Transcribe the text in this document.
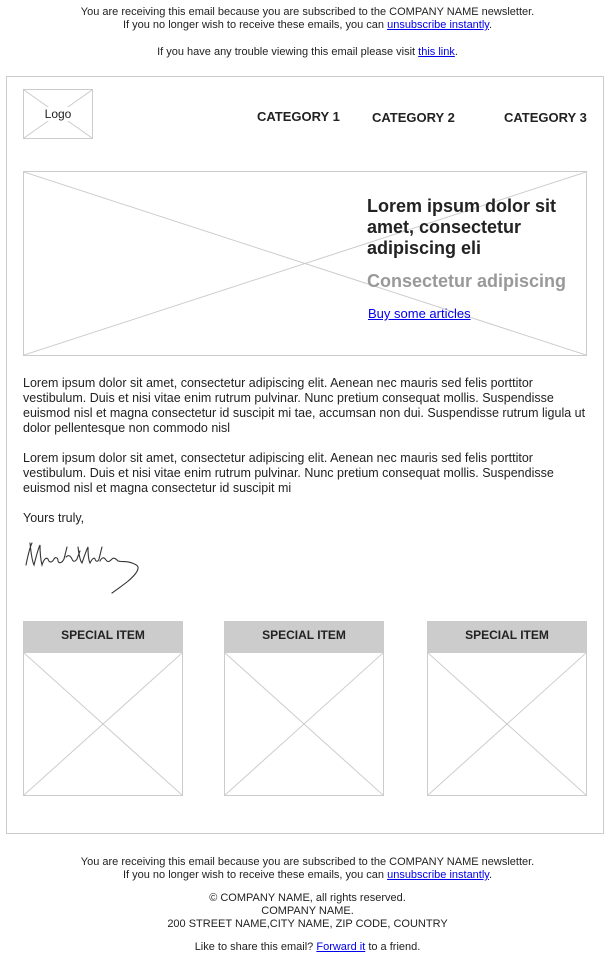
You are receiving this email because you are subscribed to the COMPANY NAME newsletter.
If you no longer wish to receive these emails, you can unsubscribe instantly.
If you have any trouble viewing this email please visit this link.
Logo	CATEGORY 1 CATEGORY 2	CATEGORY 3
Lorem ipsum dolor sit amet, consectetur adipiscing eli
Consectetur adipiscing
Buy some articles
Lorem ipsum dolor sit amet, consectetur adipiscing elit. Aenean nec mauris sed felis porttitor vestibulum. Duis et nisi vitae enim rutrum pulvinar. Nunc pretium consequat mollis. Suspendisse euismod nisl et magna consectetur id suscipit mi tae, accumsan non dui. Suspendisse rutrum ligula ut dolor pellentesque non commodo nisl
Lorem ipsum dolor sit amet, consectetur adipiscing elit. Aenean nec mauris sed felis porttitor vestibulum. Duis et nisi vitae enim rutrum pulvinar. Nunc pretium consequat mollis. Suspendisse euismod nisl et magna consectetur id suscipit mi
Yours truly,
SPECIAL ITEM	SPECIAL ITEM	SPECIAL ITEM
You are receiving this email because you are subscribed to the COMPANY NAME newsletter.
If you no longer wish to receive these emails, you can unsubscribe instantly.
© COMPANY NAME, all rights reserved.
COMPANY NAME.
200 STREET NAME,CITY NAME, ZIP CODE, COUNTRY
Like to share this email? Forward it to a friend.
